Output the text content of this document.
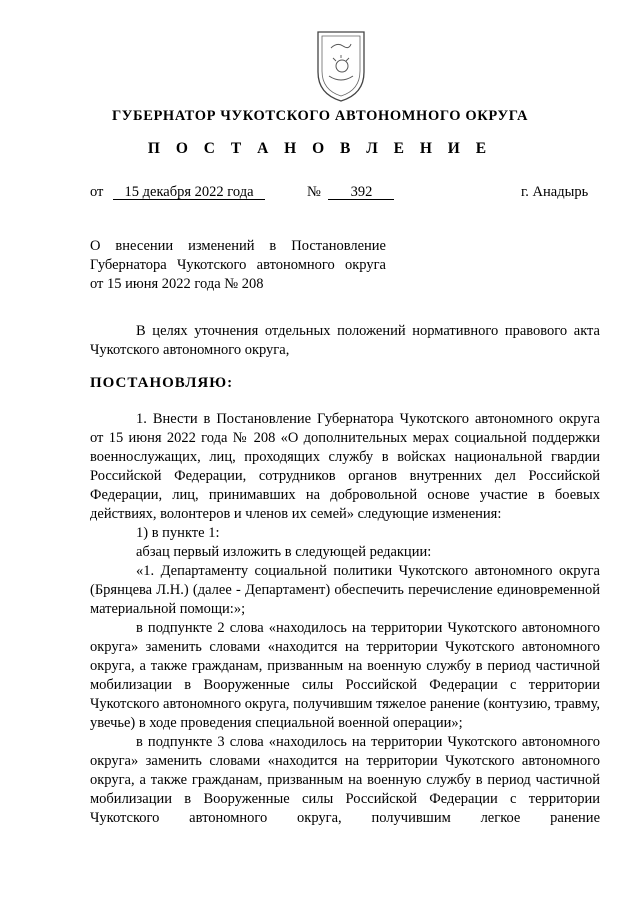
ГУБЕРНАТОР ЧУКОТСКОГО АВТОНОМНОГО ОКРУГА
П О С Т А Н О В Л Е Н И Е
от 15 декабря 2022 года	№ 392	г. Анадырь
О внесении изменений в Постановление
Губернатора Чукотского автономного округа
от 15 июня 2022 года № 208
В целях уточнения отдельных положений нормативного правового акта Чукотского автономного округа,
ПОСТАНОВЛЯЮ:
1. Внести в Постановление Губернатора Чукотского автономного округа от 15 июня 2022 года № 208 «О дополнительных мерах социальной поддержки военнослужащих, лиц, проходящих службу в войсках национальной гвардии Российской Федерации, сотрудников органов внутренних дел Российской Федерации, лиц, принимавших на добровольной основе участие в боевых действиях, волонтеров и членов их семей» следующие изменения:
1) в пункте 1:
абзац первый изложить в следующей редакции:
«1. Департаменту социальной политики Чукотского автономного округа (Брянцева Л.Н.) (далее - Департамент) обеспечить перечисление единовременной материальной помощи:»;
в подпункте 2 слова «находилось на территории Чукотского автономного округа» заменить словами «находится на территории Чукотского автономного округа, а также гражданам, призванным на военную службу в период частичной мобилизации в Вооруженные силы Российской Федерации с территории Чукотского автономного округа, получившим тяжелое ранение (контузию, травму, увечье) в ходе проведения специальной военной операции»;
в подпункте 3 слова «находилось на территории Чукотского автономного округа» заменить словами «находится на территории Чукотского автономного округа, а также гражданам, призванным на военную службу в период частичной мобилизации в Вооруженные силы Российской Федерации с территории Чукотского автономного округа, получившим легкое ранение
